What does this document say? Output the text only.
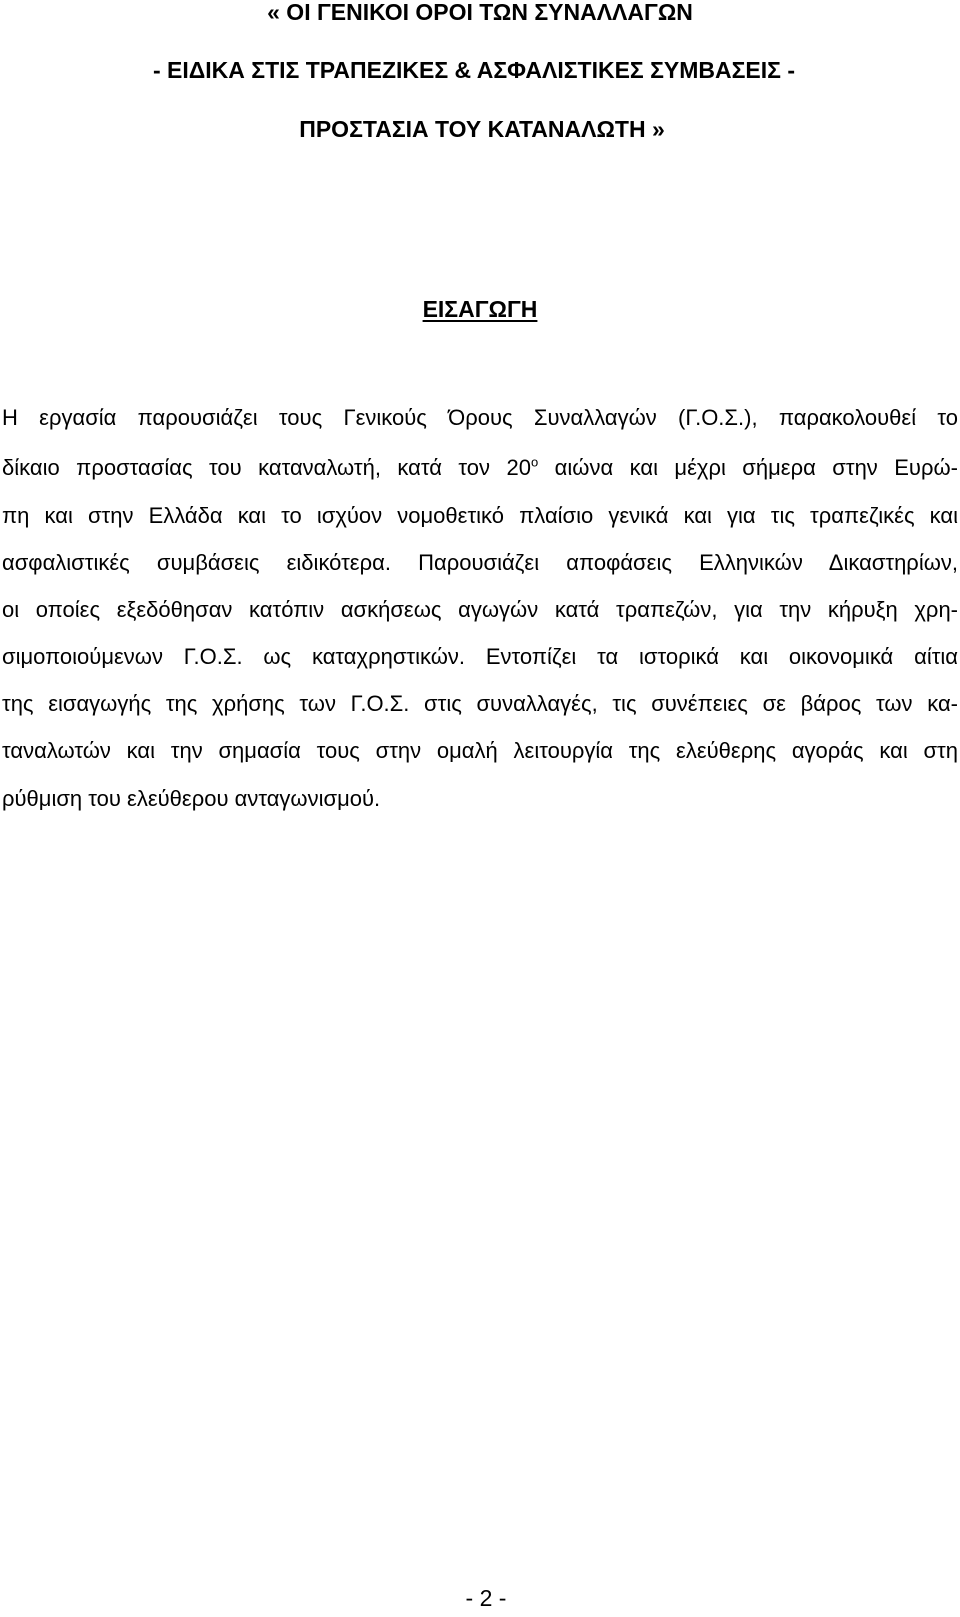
« ΟΙ ΓΕΝΙΚΟΙ ΟΡΟΙ ΤΩΝ ΣΥΝΑΛΛΑΓΩΝ
- ΕΙΔΙΚΑ ΣΤΙΣ ΤΡΑΠΕΖΙΚΕΣ & ΑΣΦΑΛΙΣΤΙΚΕΣ ΣΥΜΒΑΣΕΙΣ -
ΠΡΟΣΤΑΣΙΑ ΤΟΥ ΚΑΤΑΝΑΛΩΤΗ »
ΕΙΣΑΓΩΓΗ
Η εργασία παρουσιάζει τους Γενικούς Όρους Συναλλαγών (Γ.Ο.Σ.), παρακολουθεί το
δίκαιο προστασίας του καταναλωτή, κατά τον $20^o$ αιώνα και μέχρι σήμερα στην Ευρώ-
πη και στην Ελλάδα και το ισχύον νομοθετικό πλαίσιο γενικά και για τις τραπεζικές και
ασφαλιστικές συμβάσεις ειδικότερα. Παρουσιάζει αποφάσεις Ελληνικών Δικαστηρίων,
οι οποίες εξεδόθησαν κατόπιν ασκήσεως αγωγών κατά τραπεζών, για την κήρυξη χρη-
σιμοποιούμενων Γ.Ο.Σ. ως καταχρηστικών. Εντοπίζει τα ιστορικά και οικονομικά αίτια
της εισαγωγής της χρήσης των Γ.Ο.Σ. στις συναλλαγές, τις συνέπειες σε βάρος των κα-
ταναλωτών και την σημασία τους στην ομαλή λειτουργία της ελεύθερης αγοράς και στη
ρύθμιση του ελεύθερου ανταγωνισμού.
- 2 -
